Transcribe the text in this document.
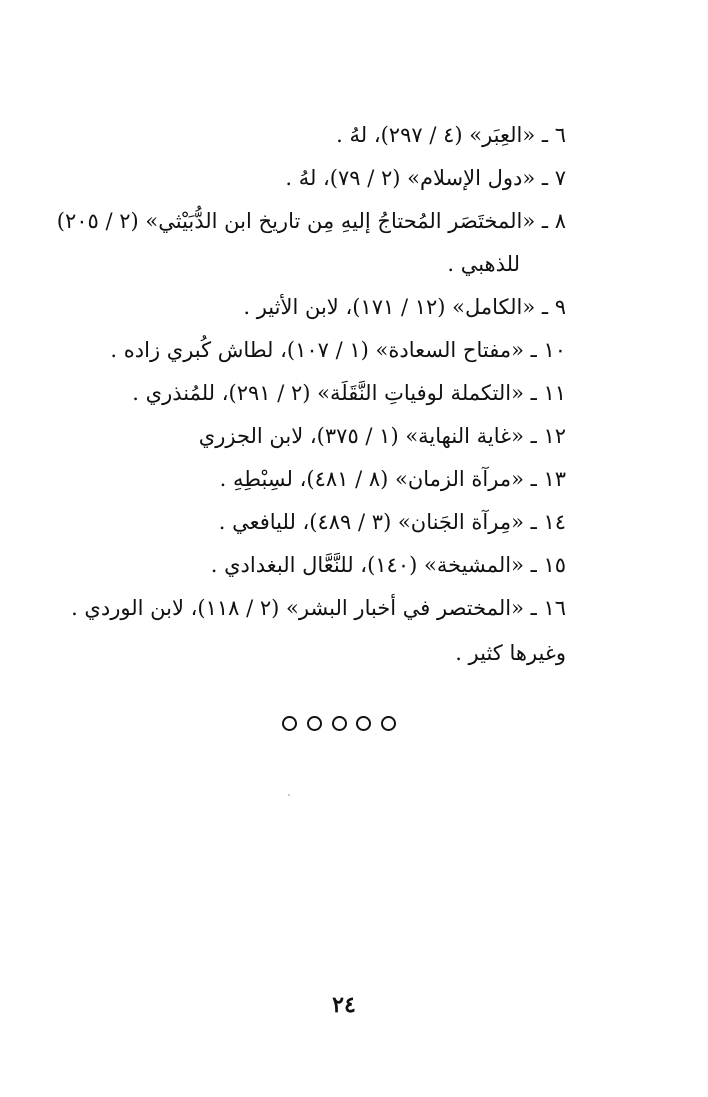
٦ ـ «العِبَر» (٤ / ٢٩٧)، لهُ .
٧ ـ «دول الإسلام» (٢ / ٧٩)، لهُ .
٨ ـ «المختَصَر المُحتاجُ إليهِ مِن تاريخ ابن الدُّبَيْثي» (٢ / ٢٠٥)
للذهبي .
٩ ـ «الكامل» (١٢ / ١٧١)، لابن الأثير .
١٠ ـ «مفتاح السعادة» (١ / ١٠٧)، لطاش كُبري زاده .
١١ ـ «التكملة لوفياتِ النَّقَلَة» (٢ / ٢٩١)، للمُنذري .
١٢ ـ «غاية النهاية» (١ / ٣٧٥)، لابن الجزري
١٣ ـ «مرآة الزمان» (٨ / ٤٨١)، لسِبْطِهِ .
١٤ ـ «مِرآة الجَنان» (٣ / ٤٨٩)، لليافعي .
١٥ ـ «المشيخة» (١٤٠)، للنَّعَّال البغدادي .
١٦ ـ «المختصر في أخبار البشر» (٢ / ١١٨)، لابن الوردي .
وغيرها كثير .
٢٤
